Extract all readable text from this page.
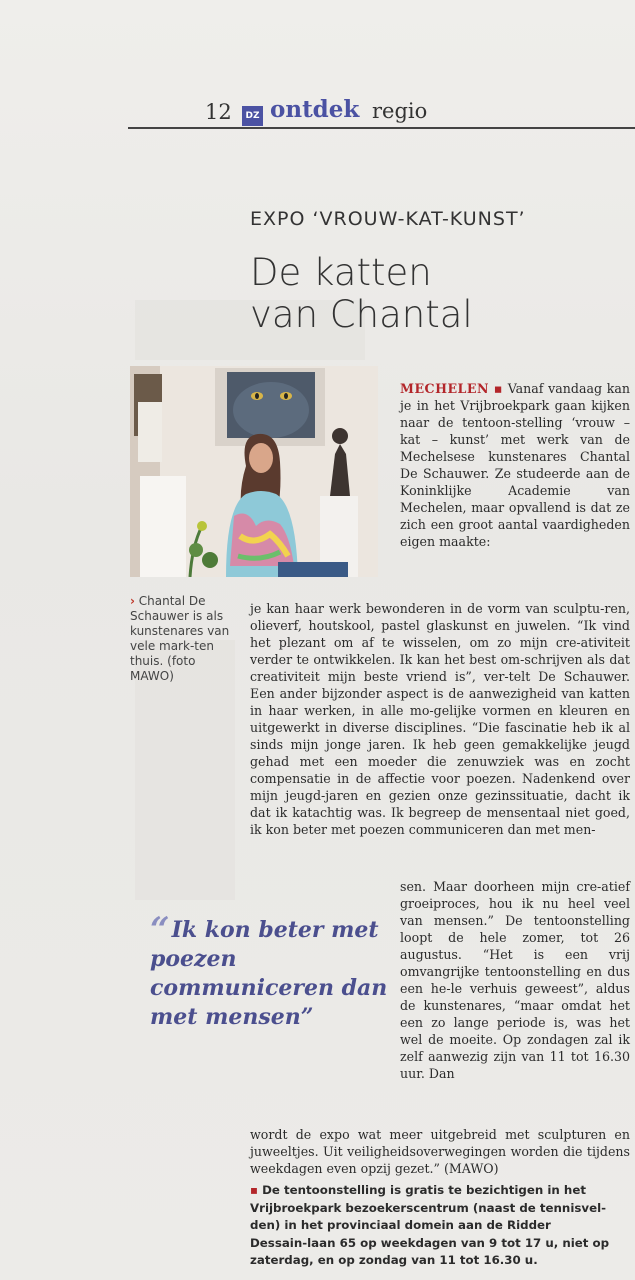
12	DZ ontdek regio
EXPO ‘VROUW-KAT-KUNST’
De katten
van Chantal
› Chantal De Schauwer is als kunstenares van vele mark-ten thuis. (foto MAWO)

MECHELEN ▪ Vanaf vandaag kan je in het Vrijbroekpark gaan kijken naar de tentoon-stelling ‘vrouw – kat – kunst’ met werk van de Mechelsese kunstenares Chantal De Schauwer. Ze studeerde aan de Koninklijke Academie van Mechelen, maar opvallend is dat ze zich een groot aantal vaardigheden eigen maakte:

je kan haar werk bewonderen in de vorm van sculptu-ren, olieverf, houtskool, pastel glaskunst en juwelen. “Ik vind het plezant om af te wisselen, om zo mijn cre-ativiteit verder te ontwikkelen. Ik kan het best om-schrijven als dat creativiteit mijn beste vriend is”, ver-telt De Schauwer. Een ander bijzonder aspect is de aanwezigheid van katten in haar werken, in alle mo-gelijke vormen en kleuren en uitgewerkt in diverse disciplines. “Die fascinatie heb ik al sinds mijn jonge jaren. Ik heb geen gemakkelijke jeugd gehad met een moeder die zenuwziek was en zocht compensatie in de affectie voor poezen. Nadenkend over mijn jeugd-jaren en gezien onze gezinssituatie, dacht ik dat ik katachtig was. Ik begreep de mensentaal niet goed, ik kon beter met poezen communiceren dan met men-

sen. Maar doorheen mijn cre-atief groeiproces, hou ik nu heel veel van mensen.” De tentoonstelling loopt de hele zomer, tot 26 augustus. “Het is een vrij omvangrijke tentoonstelling en dus een he-le verhuis geweest”, aldus de kunstenares, “maar omdat het een zo lange periode is, was het wel de moeite. Op zondagen zal ik zelf aanwezig zijn van 11 tot 16.30 uur. Dan

wordt de expo wat meer uitgebreid met sculpturen en juweeltjes. Uit veiligheidsoverwegingen worden die tijdens weekdagen even opzij gezet.” (MAWO)

“Ik kon beter met poezen communiceren dan met mensen”
▪ De tentoonstelling is gratis te bezichtigen in het Vrijbroekpark bezoekerscentrum (naast de tennisvel-den) in het provinciaal domein aan de Ridder Dessain-laan 65 op weekdagen van 9 tot 17 u, niet op zaterdag, en op zondag van 11 tot 16.30 u.
